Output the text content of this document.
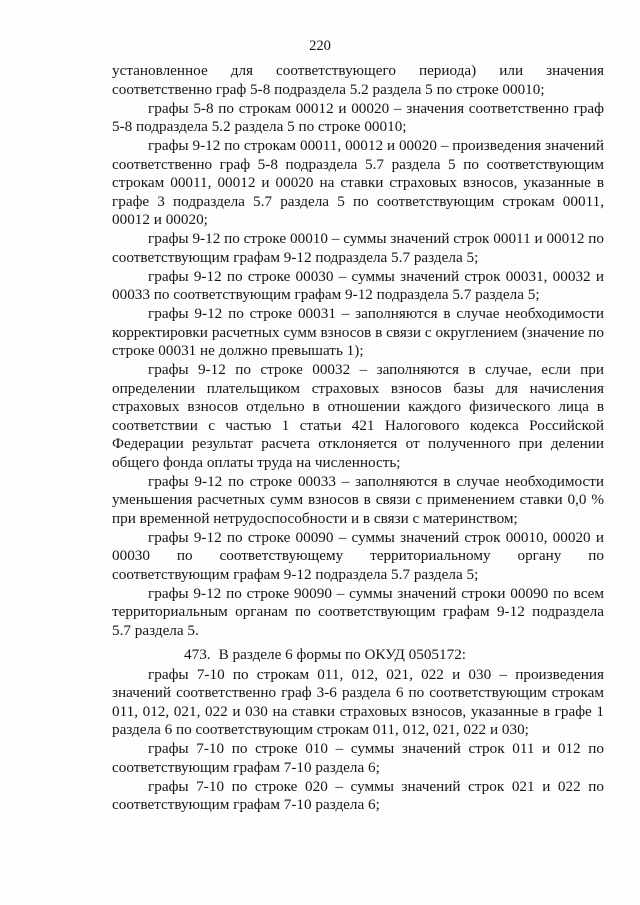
220

установленное для соответствующего периода) или значения соответственно граф 5-8 подраздела 5.2 раздела 5 по строке 00010;

графы 5-8 по строкам 00012 и 00020 – значения соответственно граф 5-8 подраздела 5.2 раздела 5 по строке 00010;

графы 9-12 по строкам 00011, 00012 и 00020 – произведения значений соответственно граф 5-8 подраздела 5.7 раздела 5 по соответствующим строкам 00011, 00012 и 00020 на ставки страховых взносов, указанные в графе 3 подраздела 5.7 раздела 5 по соответствующим строкам 00011, 00012 и 00020;

графы 9-12 по строке 00010 – суммы значений строк 00011 и 00012 по соответствующим графам 9-12 подраздела 5.7 раздела 5;

графы 9-12 по строке 00030 – суммы значений строк 00031, 00032 и 00033 по соответствующим графам 9-12 подраздела 5.7 раздела 5;

графы 9-12 по строке 00031 – заполняются в случае необходимости корректировки расчетных сумм взносов в связи с округлением (значение по строке 00031 не должно превышать 1);

графы 9-12 по строке 00032 – заполняются в случае, если при определении плательщиком страховых взносов базы для начисления страховых взносов отдельно в отношении каждого физического лица в соответствии с частью 1 статьи 421 Налогового кодекса Российской Федерации результат расчета отклоняется от полученного при делении общего фонда оплаты труда на численность;

графы 9-12 по строке 00033 – заполняются в случае необходимости уменьшения расчетных сумм взносов в связи с применением ставки 0,0 % при временной нетрудоспособности и в связи с материнством;

графы 9-12 по строке 00090 – суммы значений строк 00010, 00020 и 00030 по соответствующему территориальному органу по соответствующим графам 9-12 подраздела 5.7 раздела 5;

графы 9-12 по строке 90090 – суммы значений строки 00090 по всем территориальным органам по соответствующим графам 9-12 подраздела 5.7 раздела 5.

473. В разделе 6 формы по ОКУД 0505172:

графы 7-10 по строкам 011, 012, 021, 022 и 030 – произведения значений соответственно граф 3-6 раздела 6 по соответствующим строкам 011, 012, 021, 022 и 030 на ставки страховых взносов, указанные в графе 1 раздела 6 по соответствующим строкам 011, 012, 021, 022 и 030;

графы 7-10 по строке 010 – суммы значений строк 011 и 012 по соответствующим графам 7-10 раздела 6;

графы 7-10 по строке 020 – суммы значений строк 021 и 022 по соответствующим графам 7-10 раздела 6;
